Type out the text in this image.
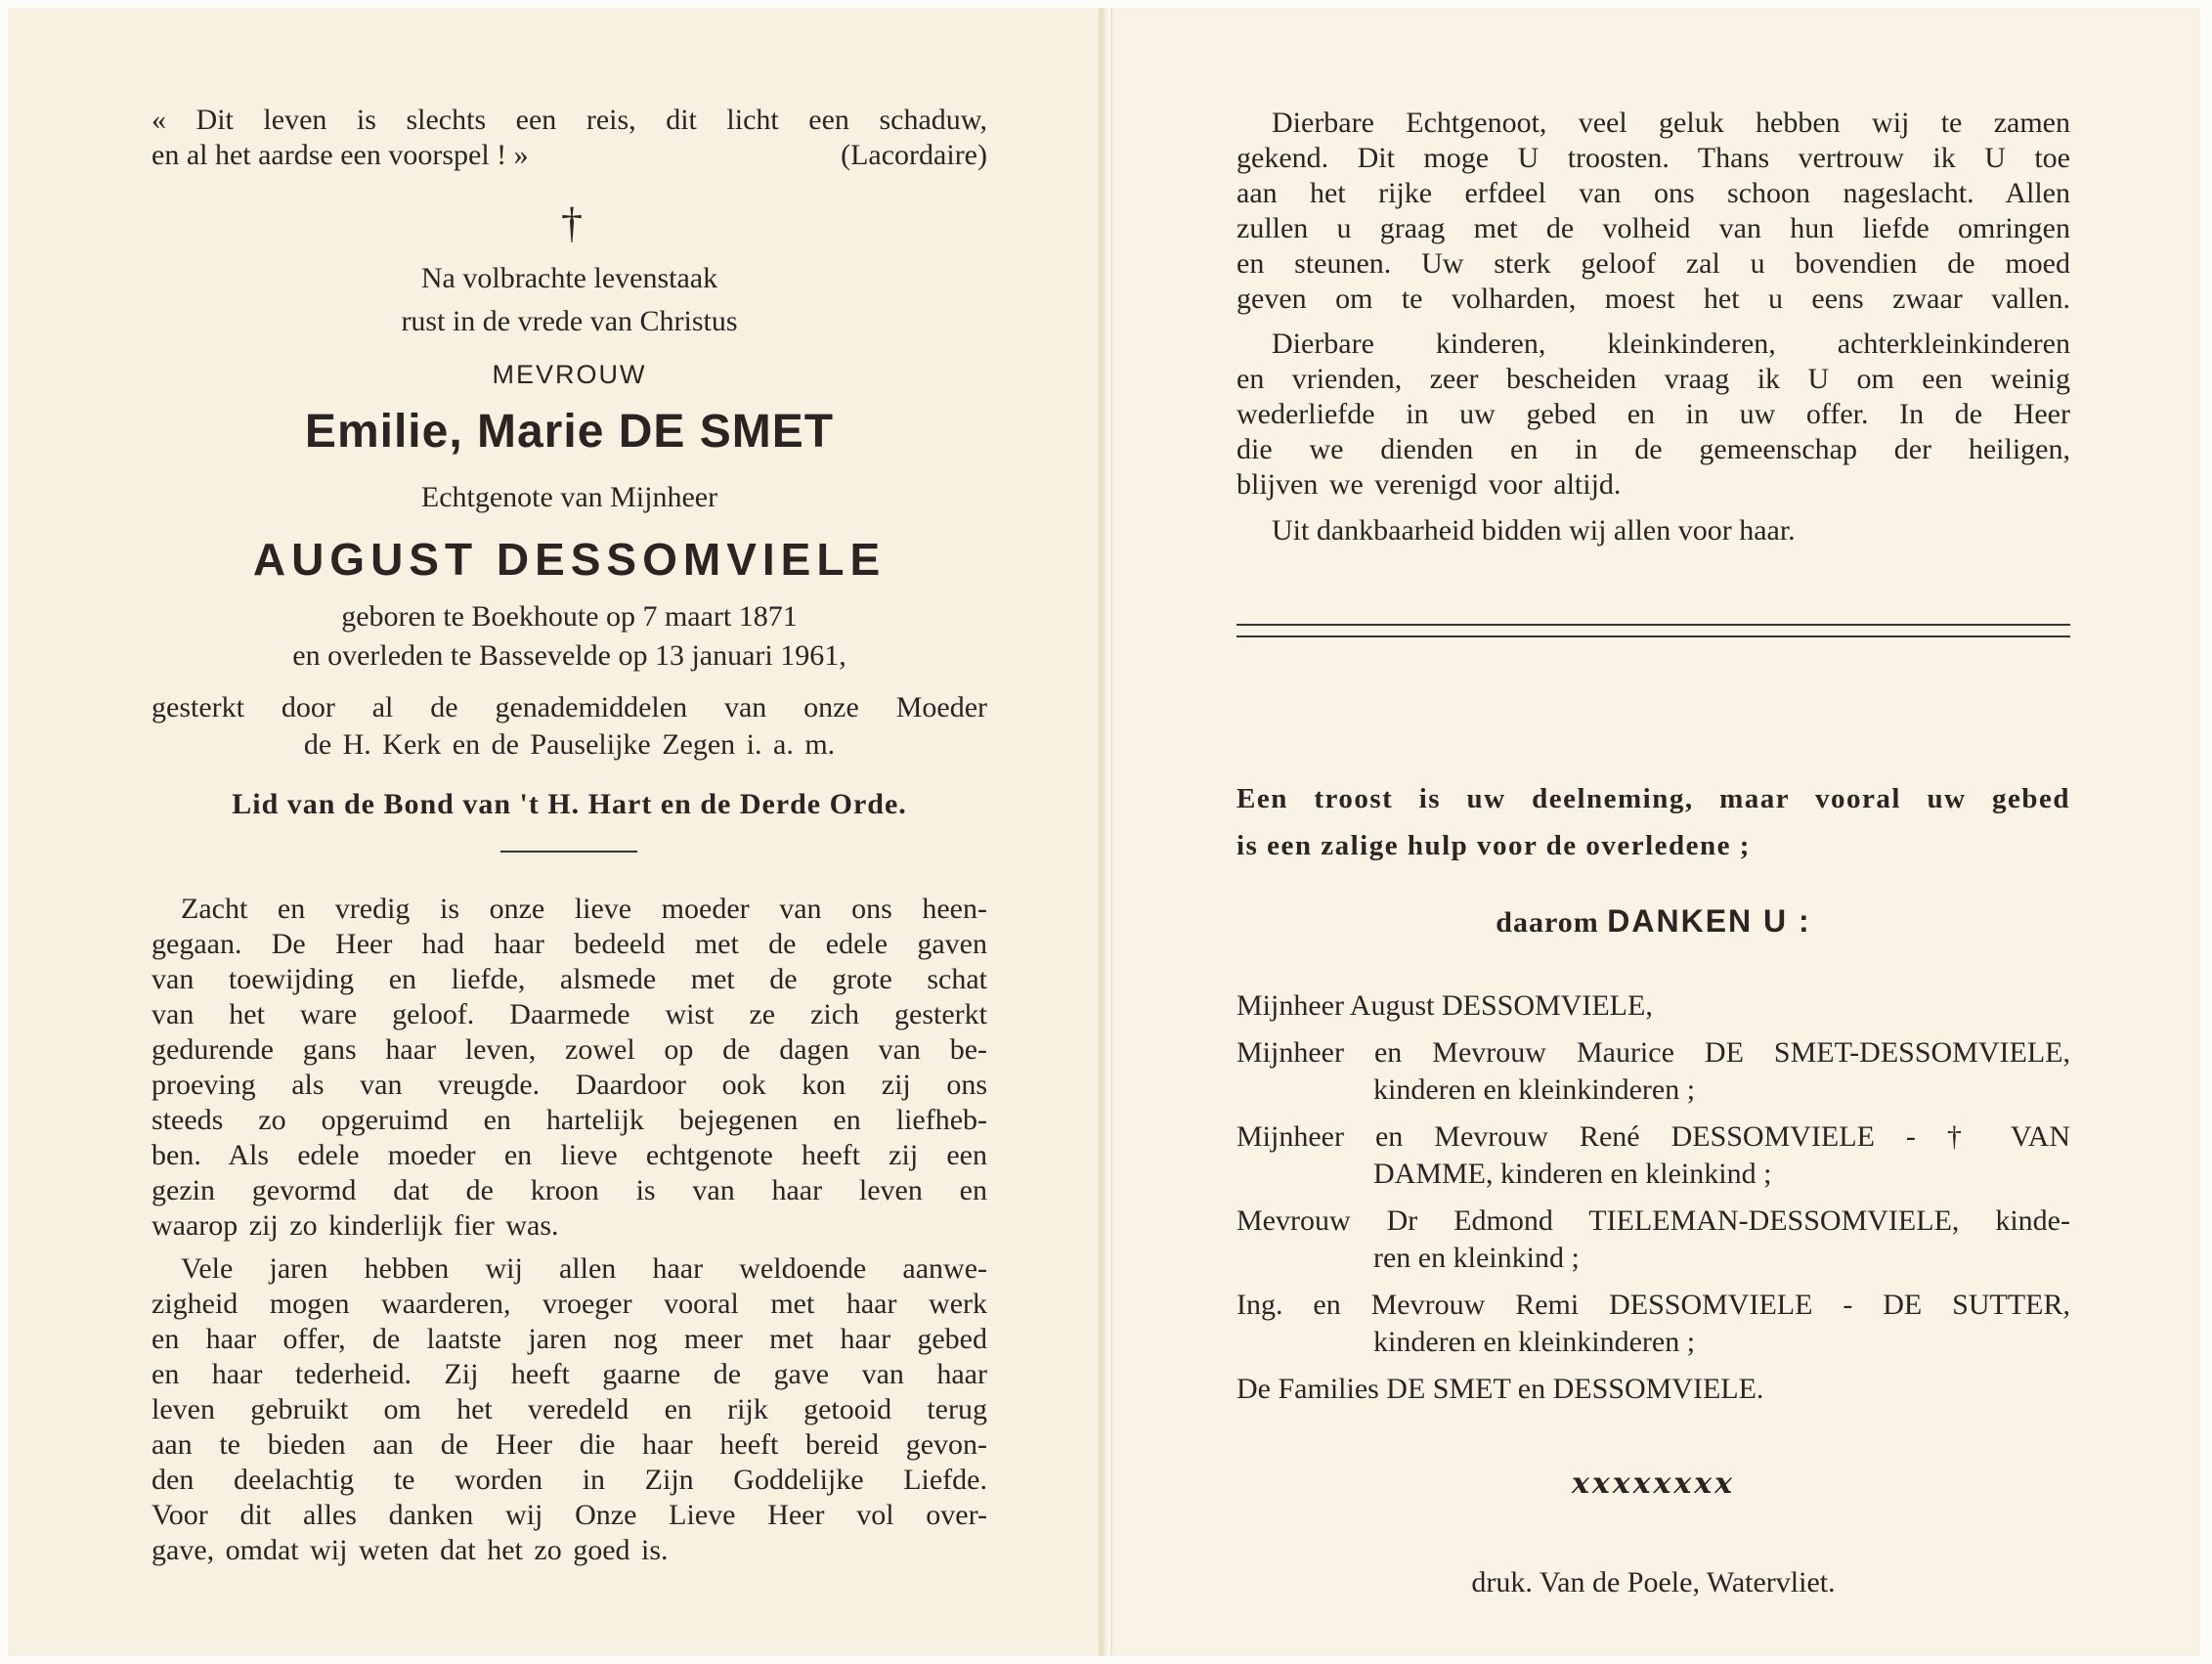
« Dit leven is slechts een reis, dit licht een schaduw,
en al het aardse een voorspel ! »	(Lacordaire)
†
Na volbrachte levenstaak
rust in de vrede van Christus
MEVROUW
Emilie, Marie DE SMET
Echtgenote van Mijnheer
AUGUST DESSOMVIELE
geboren te Boekhoute op 7 maart 1871
en overleden te Bassevelde op 13 januari 1961,

gesterkt door al de genademiddelen van onze Moeder

de H. Kerk en de Pauselijke Zegen i. a. m.

Lid van de Bond van 't H. Hart en de Derde Orde.

Zacht en vredig is onze lieve moeder van ons heen-

gegaan. De Heer had haar bedeeld met de edele gaven

van toewijding en liefde, alsmede met de grote schat

van het ware geloof. Daarmede wist ze zich gesterkt

gedurende gans haar leven, zowel op de dagen van be-

proeving als van vreugde. Daardoor ook kon zij ons

steeds zo opgeruimd en hartelijk bejegenen en liefheb-

ben. Als edele moeder en lieve echtgenote heeft zij een

gezin gevormd dat de kroon is van haar leven en

waarop zij zo kinderlijk fier was.

Vele jaren hebben wij allen haar weldoende aanwe-

zigheid mogen waarderen, vroeger vooral met haar werk

en haar offer, de laatste jaren nog meer met haar gebed

en haar tederheid. Zij heeft gaarne de gave van haar

leven gebruikt om het veredeld en rijk getooid terug

aan te bieden aan de Heer die haar heeft bereid gevon-

den deelachtig te worden in Zijn Goddelijke Liefde.

Voor dit alles danken wij Onze Lieve Heer vol over-

gave, omdat wij weten dat het zo goed is.

Dierbare Echtgenoot, veel geluk hebben wij te zamen

gekend. Dit moge U troosten. Thans vertrouw ik U toe

aan het rijke erfdeel van ons schoon nageslacht. Allen

zullen u graag met de volheid van hun liefde omringen

en steunen. Uw sterk geloof zal u bovendien de moed

geven om te volharden, moest het u eens zwaar vallen.

Dierbare kinderen, kleinkinderen, achterkleinkinderen

en vrienden, zeer bescheiden vraag ik U om een weinig

wederliefde in uw gebed en in uw offer. In de Heer

die we dienden en in de gemeenschap der heiligen,

blijven we verenigd voor altijd.

Uit dankbaarheid bidden wij allen voor haar.
Een troost is uw deelneming, maar vooral uw gebed
is een zalige hulp voor de overledene ;
daarom DANKEN U :
Mijnheer August DESSOMVIELE,
Mijnheer en Mevrouw Maurice DE SMET-DESSOMVIELE,
kinderen en kleinkinderen ;
Mijnheer en Mevrouw René DESSOMVIELE - † VAN
DAMME, kinderen en kleinkind ;
Mevrouw Dr Edmond TIELEMAN-DESSOMVIELE, kinde-
ren en kleinkind ;
Ing. en Mevrouw Remi DESSOMVIELE - DE SUTTER,
kinderen en kleinkinderen ;
De Families DE SMET en DESSOMVIELE.
ⅹⅹⅹⅹⅹⅹⅹⅹ
druk. Van de Poele, Watervliet.
